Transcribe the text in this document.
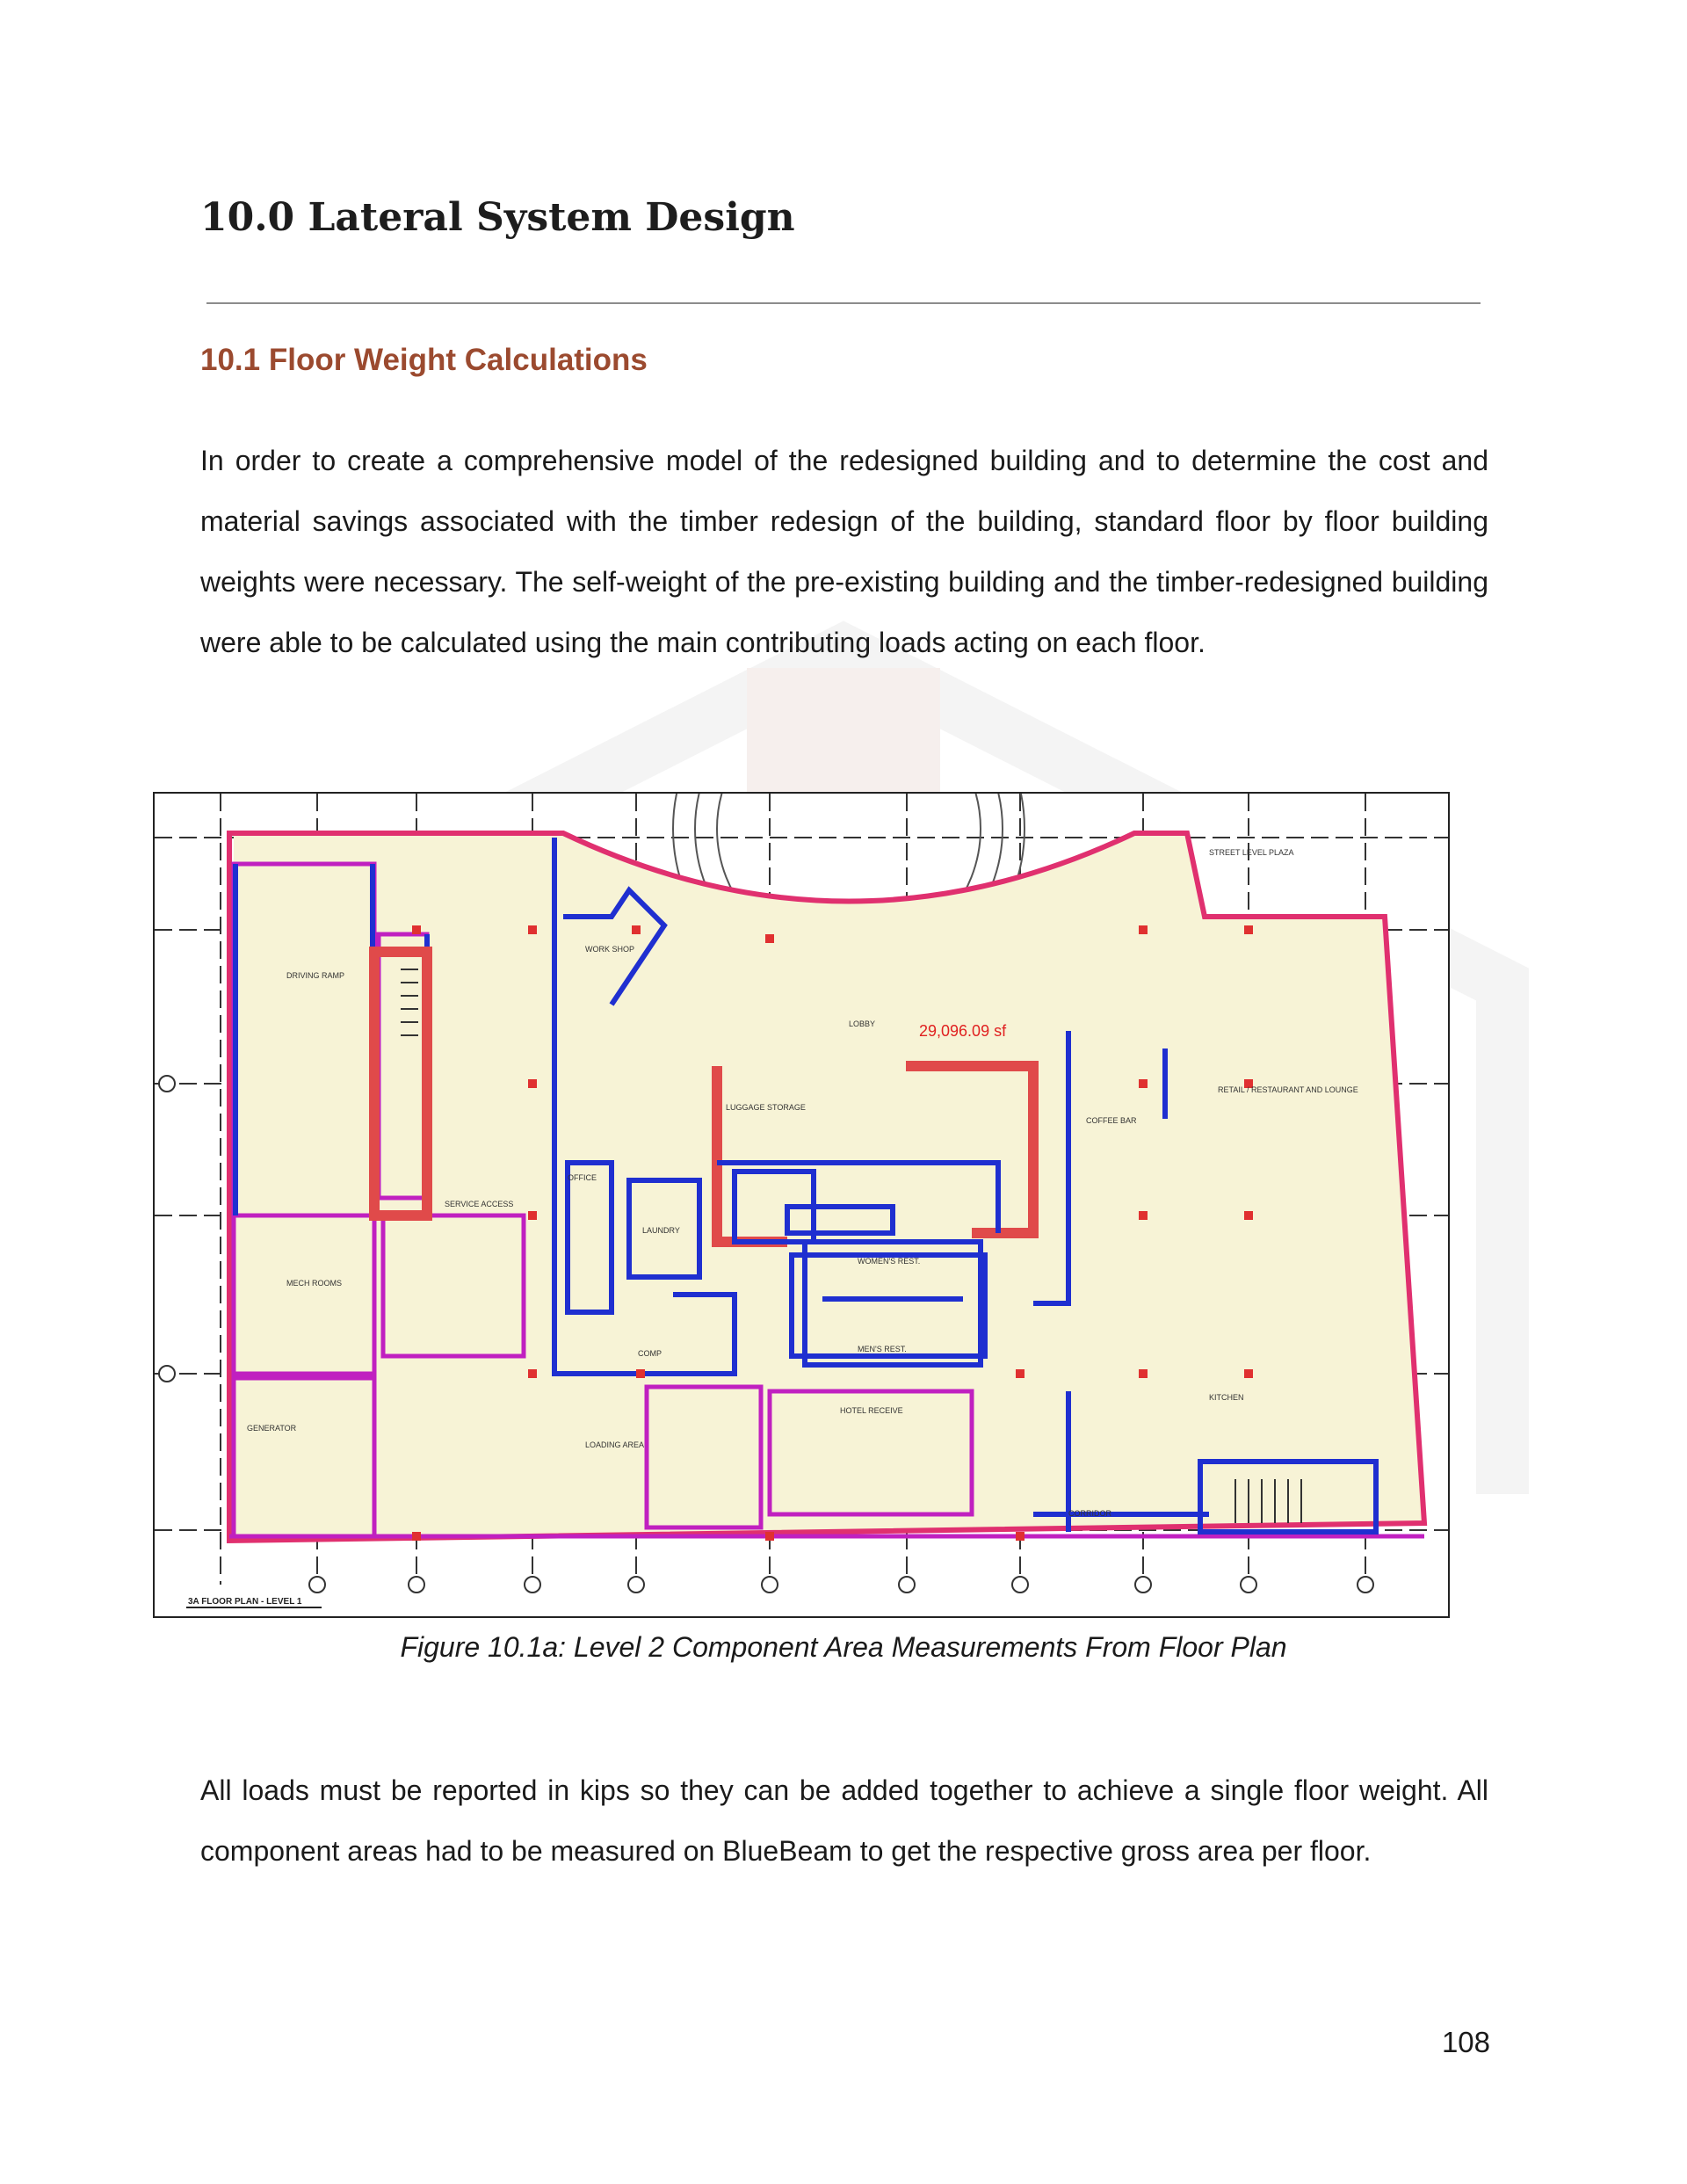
10.0 Lateral System Design
10.1 Floor Weight Calculations

In order to create a comprehensive model of the redesigned building and to determine the cost and material savings associated with the timber redesign of the building, standard floor by floor building weights were necessary. The self-weight of the pre-existing building and the timber-redesigned building were able to be calculated using the main contributing loads acting on each floor.

DRIVING RAMP
SERVICE ACCESS
LOADING AREA
MECH ROOMS
GENERATOR
LOBBY
LUGGAGE STORAGE
OFFICE
LAUNDRY
WOMEN'S REST.
MEN'S REST.
HOTEL RECEIVE
CORRIDOR
KITCHEN
RETAIL / RESTAURANT AND LOUNGE
COFFEE BAR
COMP
WORK SHOP
STREET LEVEL PLAZA
29,096.09 sf
3A FLOOR PLAN - LEVEL 1

Figure 10.1a: Level 2 Component Area Measurements From Floor Plan

All loads must be reported in kips so they can be added together to achieve a single floor weight. All component areas had to be measured on BlueBeam to get the respective gross area per floor.

108
